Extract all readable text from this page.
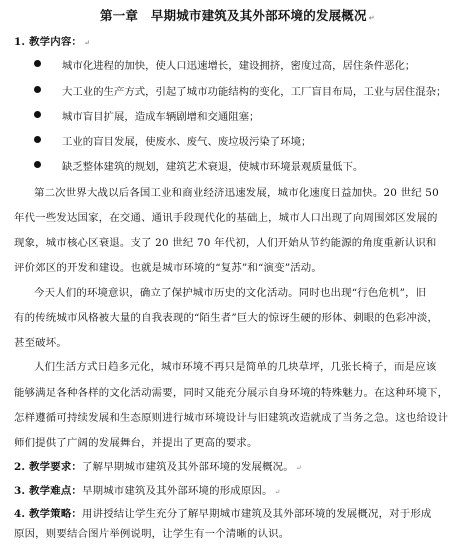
第一章　早期城市建筑及其外部环境的发展概况 ↵
1. 教学内容： ↵
城市化进程的加快，使人口迅速增长，建设拥挤，密度过高，居住条件恶化；
大工业的生产方式，引起了城市功能结构的变化，工厂盲目布局，工业与居住混杂；
城市盲目扩展，造成车辆剧增和交通阻塞；
工业的盲目发展，使废水、废气、废垃圾污染了环境；
缺乏整体建筑的规划，建筑艺术衰退，使城市环境景观质量低下。
第二次世界大战以后各国工业和商业经济迅速发展，城市化速度日益加快。20 世纪 50
年代一些发达国家，在交通、通讯手段现代化的基础上，城市人口出现了向周围郊区发展的
现象，城市核心区衰退。支了 20 世纪 70 年代初，人们开始从节约能源的角度重新认识和
评价郊区的开发和建设。也就是城市环境的“复苏”和“演变”活动。
今天人们的环境意识，确立了保护城市历史的文化活动。同时也出现“行色危机”，旧
有的传统城市风格被大量的自我表现的“陌生者”巨大的惊讶生硬的形体、刺眼的色彩冲淡，
甚至破坏。
人们生活方式日趋多元化，城市环境不再只是简单的几块草坪，几张长椅子，而是应该
能够满足各种各样的文化活动需要，同时又能充分展示自身环境的特殊魅力。在这种环境下，
怎样遵循可持续发展和生态原则进行城市环境设计与旧建筑改造就成了当务之急。这也给设计
师们提供了广阔的发展舞台，并提出了更高的要求。
2. 教学要求：了解早期城市建筑及其外部环境的发展概况。 ↵
3. 教学难点：早期城市建筑及其外部环境的形成原因。 ↵
4. 教学策略：用讲授结让学生充分了解早期城市建筑及其外部环境的发展概况，对于形成
原因，则要结合图片举例说明，让学生有一个清晰的认识。
